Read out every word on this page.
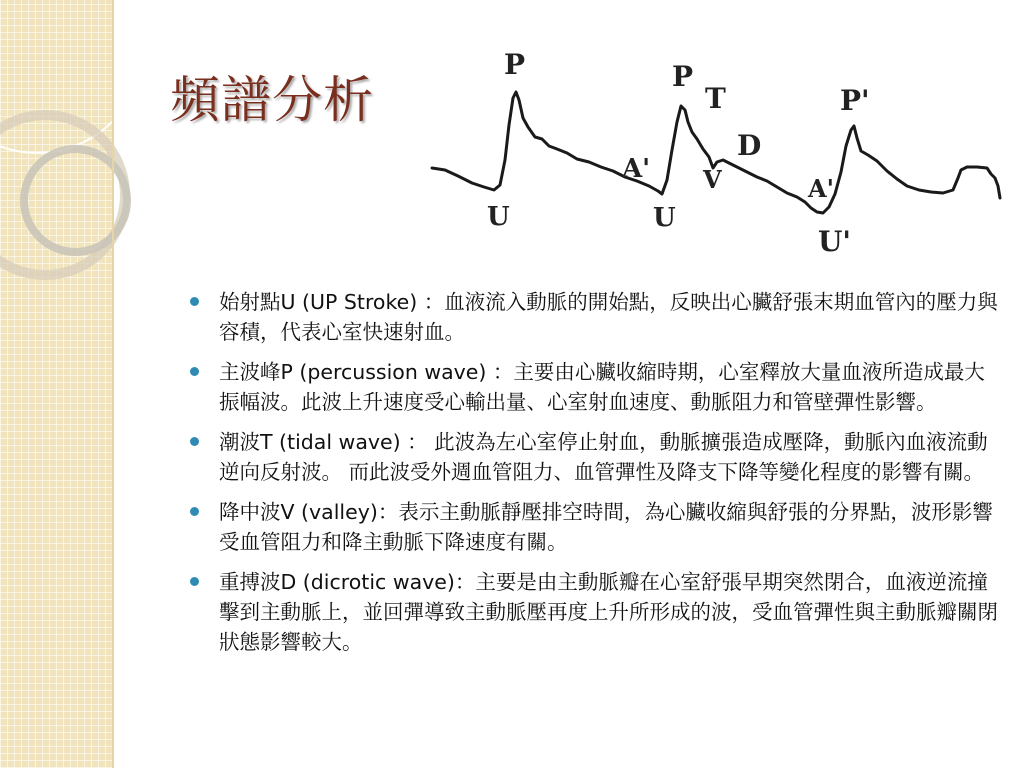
頻譜分析
P
U
A'
P
T
V
D
U
P'
A'
U'
始射點U (UP Stroke) ：血液流入動脈的開始點，反映出心臟舒張末期血管內的壓力與容積，代表心室快速射血。
主波峰P (percussion wave) ：主要由心臟收縮時期，心室釋放大量血液所造成最大振幅波。此波上升速度受心輸出量、心室射血速度、動脈阻力和管壁彈性影響。
潮波T (tidal wave) ： 此波為左心室停止射血，動脈擴張造成壓降，動脈內血液流動逆向反射波。 而此波受外週血管阻力、血管彈性及降支下降等變化程度的影響有關。
降中波V (valley)：表示主動脈靜壓排空時間，為心臟收縮與舒張的分界點，波形影響受血管阻力和降主動脈下降速度有關。
重搏波D (dicrotic wave)：主要是由主動脈瓣在心室舒張早期突然閉合，血液逆流撞擊到主動脈上，並回彈導致主動脈壓再度上升所形成的波，受血管彈性與主動脈瓣關閉狀態影響較大。
